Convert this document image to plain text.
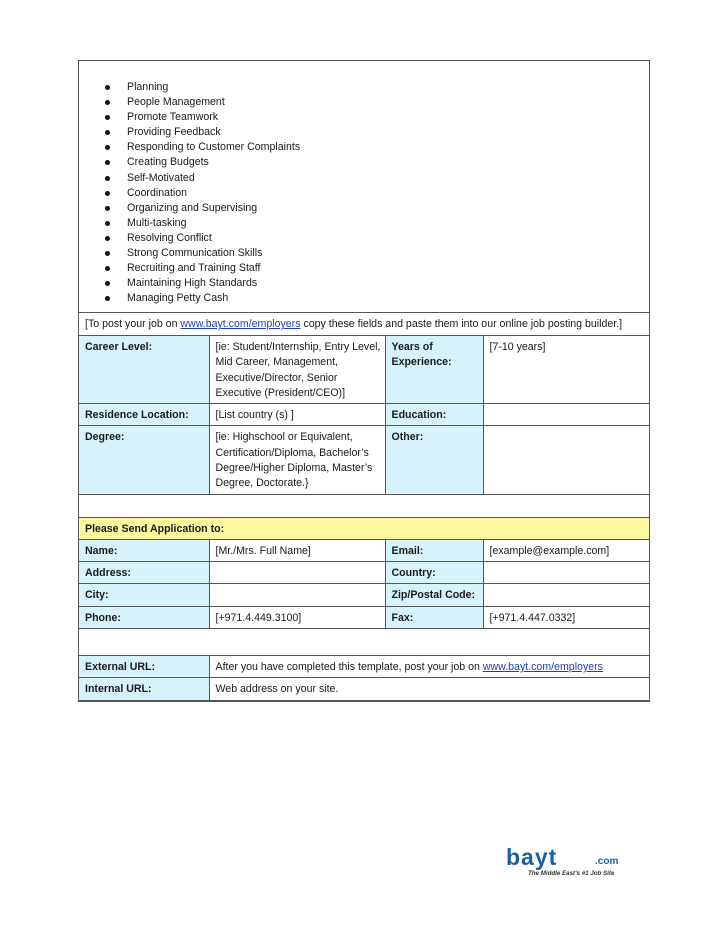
Planning
People Management
Promote Teamwork
Providing Feedback
Responding to Customer Complaints
Creating Budgets
Self-Motivated
Coordination
Organizing and Supervising
Multi-tasking
Resolving Conflict
Strong Communication Skills
Recruiting and Training Staff
Maintaining High Standards
Managing Petty Cash
[To post your job on www.bayt.com/employers copy these fields and paste them into our online job posting builder.]
Career Level:	[ie: Student/Internship, Entry Level, Mid Career, Management, Executive/Director, Senior Executive (President/CEO)]	Years of Experience:	[7-10 years]
Residence Location:	[List country (s) ]	Education:	
Degree:	[ie: Highschool or Equivalent, Certification/Diploma, Bachelor’s Degree/Higher Diploma, Master’s Degree, Doctorate.}	Other:	

Please Send Application to:			
Name:	[Mr./Mrs. Full Name]	Email:	[example@example.com]
Address:		Country:	
City:		Zip/Postal Code:	
Phone:	[+971.4.449.3100]	Fax:	[+971.4.447.0332]

External URL:	After you have completed this template, post your job on www.bayt.com/employers		
Internal URL:	Web address on your site.		
bayt	.com
The Middle East's #1 Job Site
